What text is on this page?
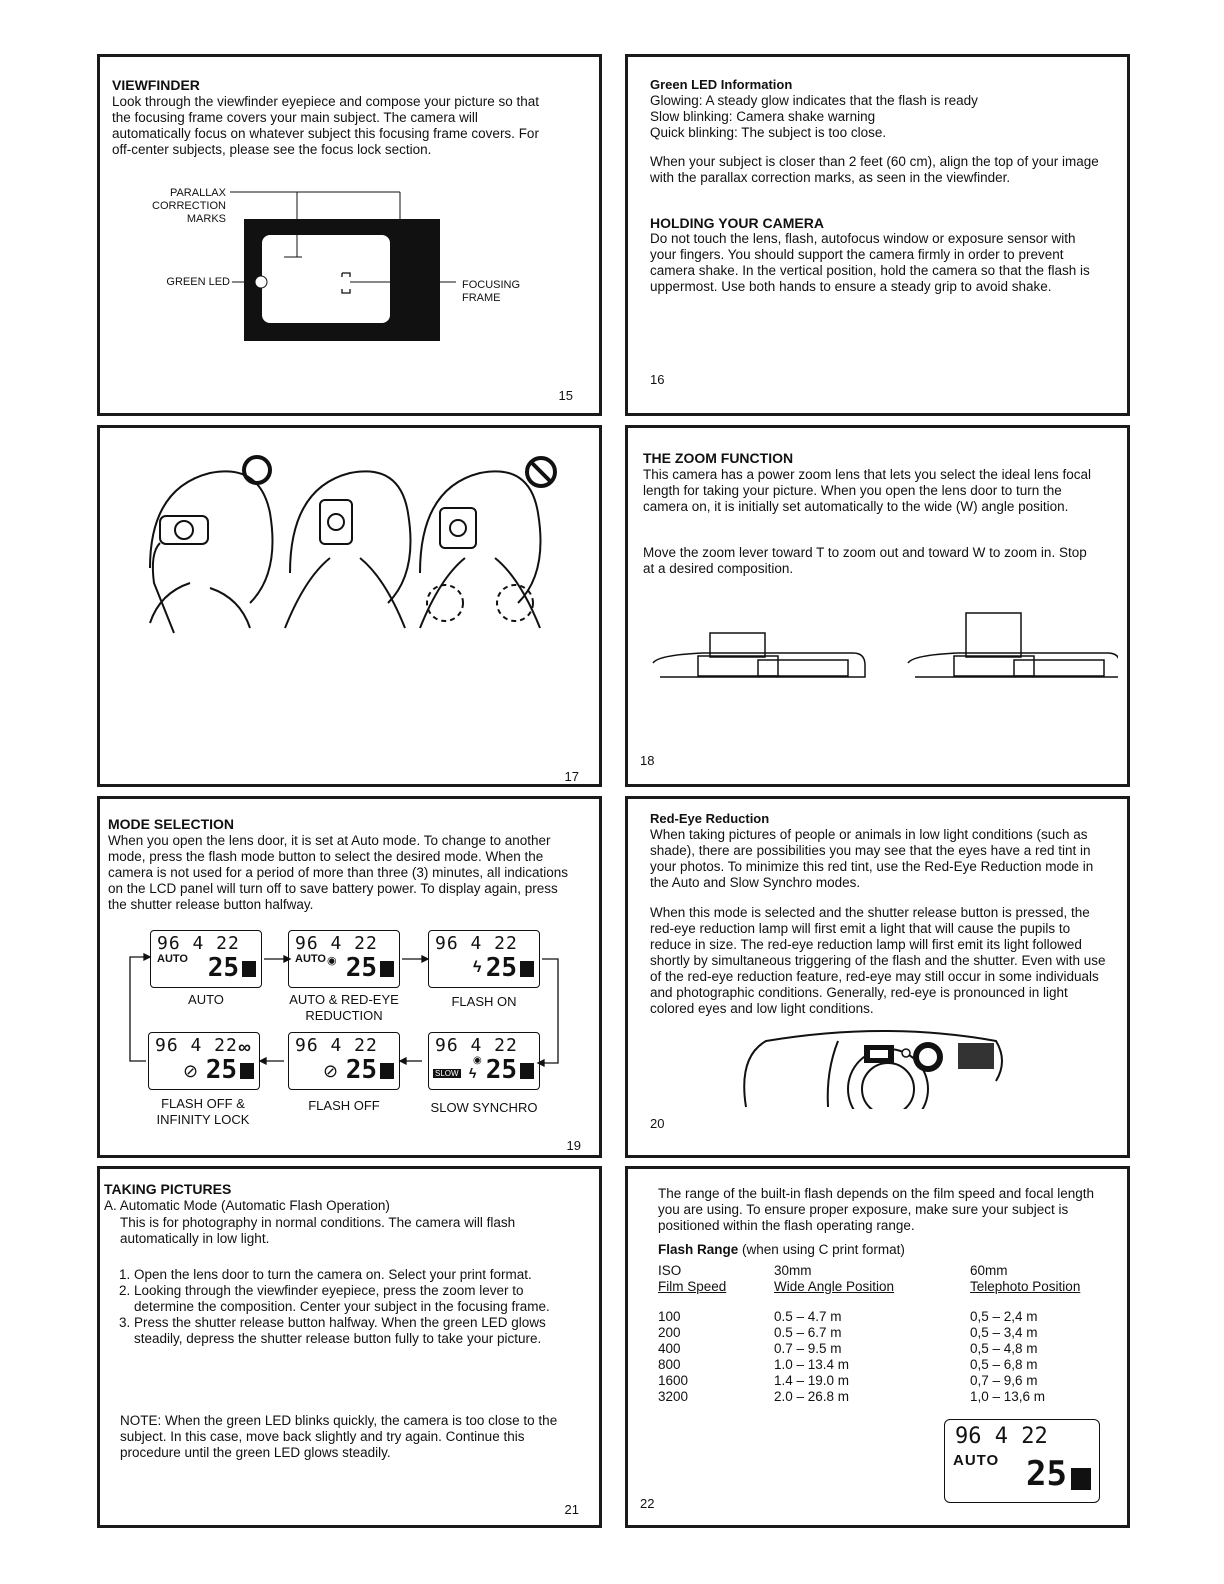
VIEWFINDER

Look through the viewfinder eyepiece and compose your picture so that the focusing frame covers your main subject. The camera will automatically focus on whatever subject this focusing frame covers. For off-center subjects, please see the focus lock section.

PARALLAX
CORRECTION
MARKS
GREEN LED	FOCUSING
FRAME
15

Green LED Information

Glowing: A steady glow indicates that the flash is ready

Slow blinking: Camera shake warning

Quick blinking: The subject is too close.

When your subject is closer than 2 feet (60 cm), align the top of your image with the parallax correction marks, as seen in the viewfinder.

HOLDING YOUR CAMERA

Do not touch the lens, flash, autofocus window or exposure sensor with your fingers. You should support the camera firmly in order to prevent camera shake. In the vertical position, hold the camera so that the flash is uppermost. Use both hands to ensure a steady grip to avoid shake.

16
17

THE ZOOM FUNCTION

This camera has a power zoom lens that lets you select the ideal lens focal length for taking your picture. When you open the lens door to turn the camera on, it is initially set automatically to the wide (W) angle position.

Move the zoom lever toward T to zoom out and toward W to zoom in. Stop at a desired composition.

18

MODE SELECTION

When you open the lens door, it is set at Auto mode. To change to another mode, press the flash mode button to select the desired mode. When the camera is not used for a period of more than three (3) minutes, all indications on the LCD panel will turn off to save battery power. To display again, press the shutter release button halfway.

96 4 22
AUTO 25
96 4 22
AUTO ◉ 25
96 4 22
ϟ 25
96 4 22 ∞
⊘ 25
96 4 22
⊘ 25
96 4 22
◉
SLOW ϟ 25
AUTO	AUTO & RED-EYE
REDUCTION
FLASH ON
FLASH OFF &
INFINITY LOCK
FLASH OFF	SLOW SYNCHRO
19

Red-Eye Reduction

When taking pictures of people or animals in low light conditions (such as shade), there are possibilities you may see that the eyes have a red tint in your photos. To minimize this red tint, use the Red-Eye Reduction mode in the Auto and Slow Synchro modes.

When this mode is selected and the shutter release button is pressed, the red-eye reduction lamp will first emit a light that will cause the pupils to reduce in size. The red-eye reduction lamp will first emit its light followed shortly by simultaneous triggering of the flash and the shutter. Even with use of the red-eye reduction feature, red-eye may still occur in some individuals and photographic conditions. Generally, red-eye is pronounced in light colored eyes and low light conditions.

20

TAKING PICTURES

A. Automatic Mode (Automatic Flash Operation)

This is for photography in normal conditions. The camera will flash automatically in low light.

1. Open the lens door to turn the camera on. Select your print format.
2. Looking through the viewfinder eyepiece, press the zoom lever to determine the composition. Center your subject in the focusing frame.
3. Press the shutter release button halfway. When the green LED glows steadily, depress the shutter release button fully to take your picture.

NOTE: When the green LED blinks quickly, the camera is too close to the subject. In this case, move back slightly and try again. Continue this procedure until the green LED glows steadily.

21

The range of the built-in flash depends on the film speed and focal length you are using. To ensure proper exposure, make sure your subject is positioned within the flash operating range.

Flash Range (when using C print format)

ISO	30mm	60mm
Film Speed	Wide Angle Position	Telephoto Position
100	0.5 – 4.7 m	0,5 – 2,4 m
200	0.5 – 6.7 m	0,5 – 3,4 m
400	0.7 – 9.5 m	0,5 – 4,8 m
800	1.0 – 13.4 m	0,5 – 6,8 m
1600	1.4 – 19.0 m	0,7 – 9,6 m
3200	2.0 – 26.8 m	1,0 – 13,6 m
96 4 22
AUTO 25
22
